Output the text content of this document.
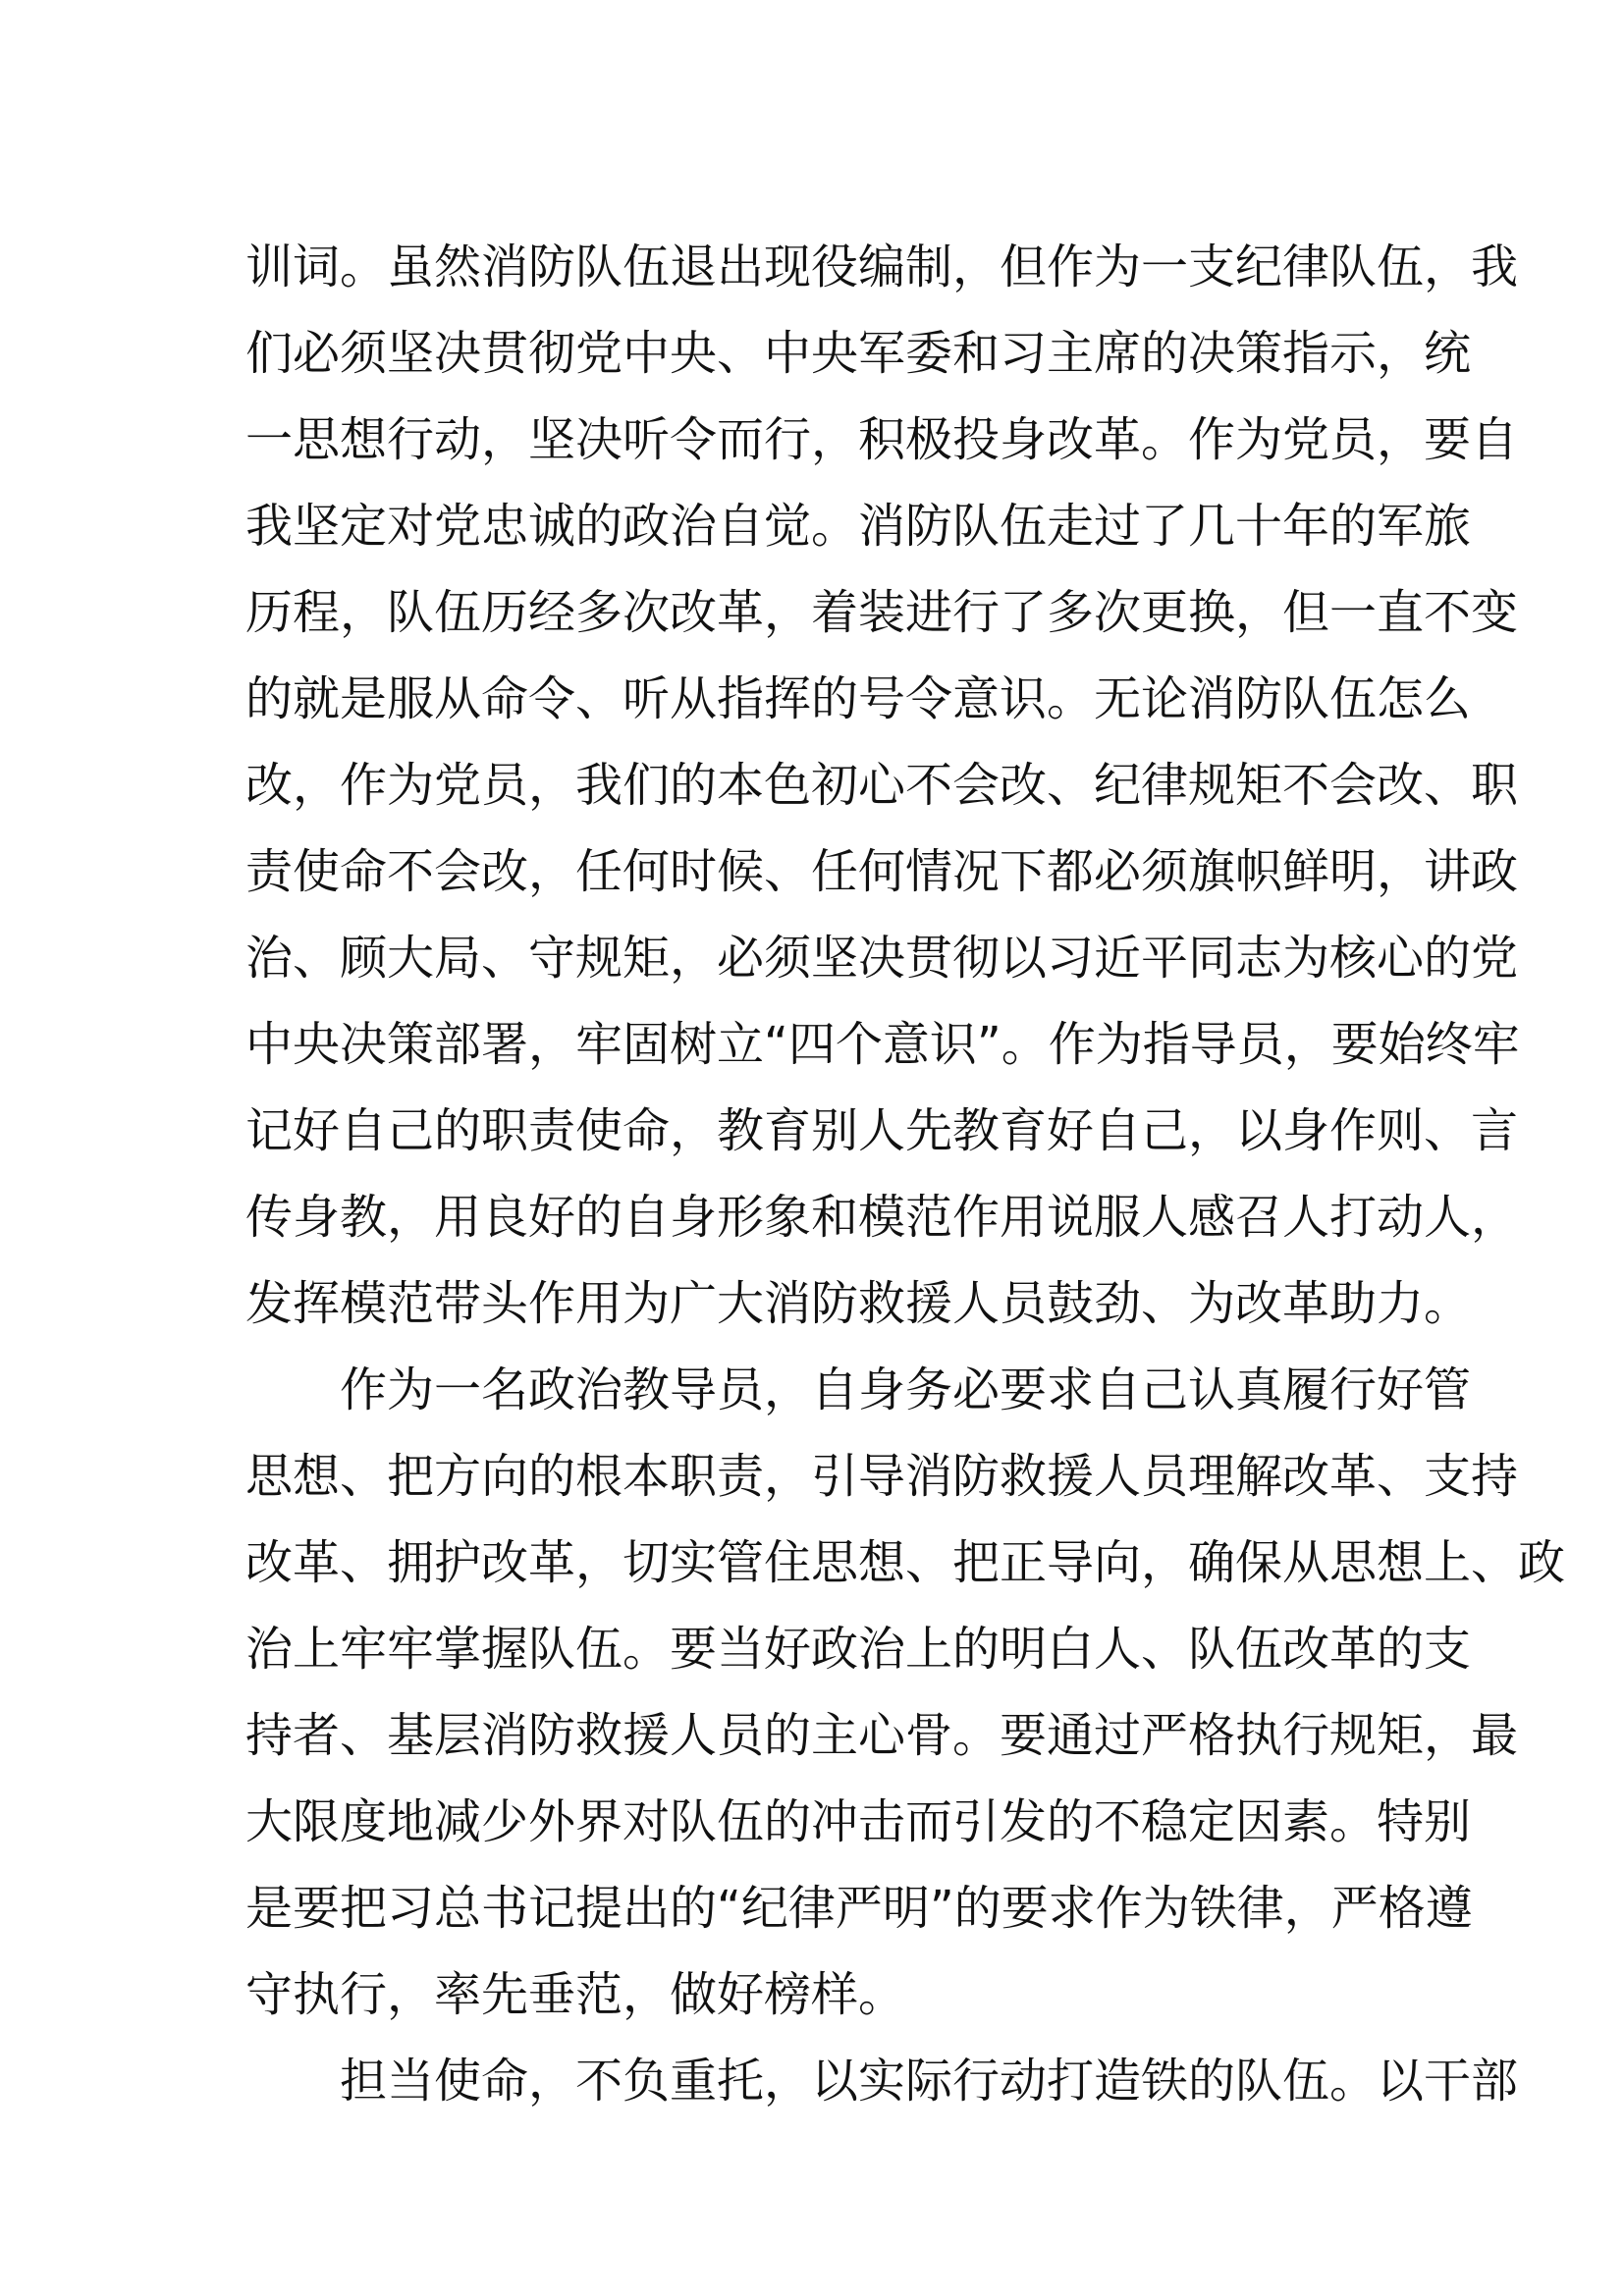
训词。虽然消防队伍退出现役编制，但作为一支纪律队伍，我
们必须坚决贯彻党中央、中央军委和习主席的决策指示，统
一思想行动，坚决听令而行，积极投身改革。作为党员，要自
我坚定对党忠诚的政治自觉。消防队伍走过了几十年的军旅
历程，队伍历经多次改革，着装进行了多次更换，但一直不变
的就是服从命令、听从指挥的号令意识。无论消防队伍怎么
改，作为党员，我们的本色初心不会改、纪律规矩不会改、职
责使命不会改，任何时候、任何情况下都必须旗帜鲜明，讲政
治、顾大局、守规矩，必须坚决贯彻以习近平同志为核心的党
中央决策部署，牢固树立“四个意识”。作为指导员，要始终牢
记好自己的职责使命，教育别人先教育好自己，以身作则、言
传身教，用良好的自身形象和模范作用说服人感召人打动人，
发挥模范带头作用为广大消防救援人员鼓劲、为改革助力。
作为一名政治教导员，自身务必要求自己认真履行好管
思想、把方向的根本职责，引导消防救援人员理解改革、支持
改革、拥护改革，切实管住思想、把正导向，确保从思想上、政
治上牢牢掌握队伍。要当好政治上的明白人、队伍改革的支
持者、基层消防救援人员的主心骨。要通过严格执行规矩，最
大限度地减少外界对队伍的冲击而引发的不稳定因素。特别
是要把习总书记提出的“纪律严明”的要求作为铁律，严格遵
守执行，率先垂范，做好榜样。
担当使命，不负重托，以实际行动打造铁的队伍。以干部
